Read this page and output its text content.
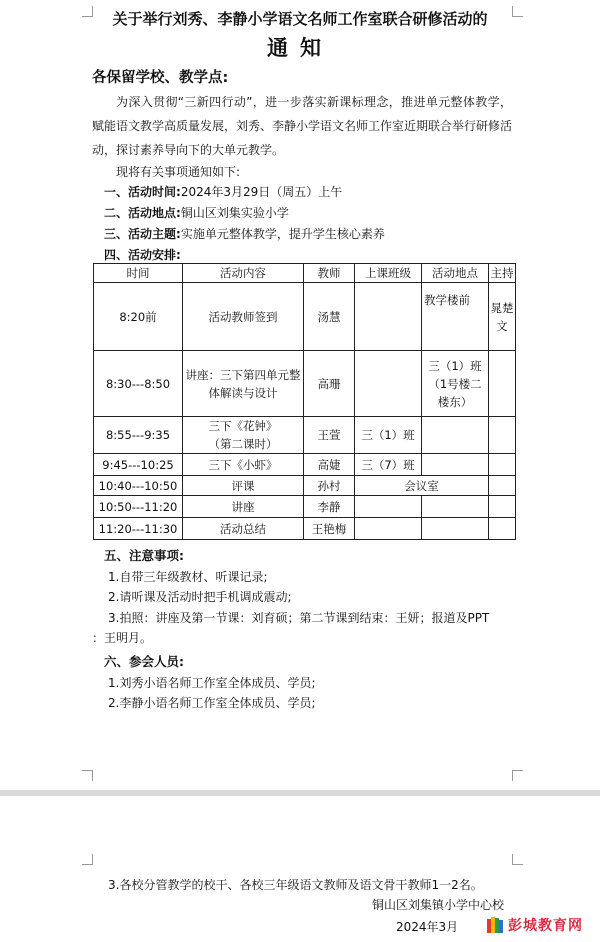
关于举行刘秀、李静小学语文名师工作室联合研修活动的
通知
各保留学校、教学点:
为深入贯彻“三新四行动”，进一步落实新课标理念，推进单元整体教学，赋能语文教学高质量发展，刘秀、李静小学语文名师工作室近期联合举行研修活动，探讨素养导向下的大单元教学。
现将有关事项通知如下:
一、活动时间:2024年3月29日（周五）上午
二、活动地点:铜山区刘集实验小学
三、活动主题:实施单元整体教学，提升学生核心素养
四、活动安排:
时间	活动内容	教师	上课班级	活动地点	主持
8:20前	活动教师签到	汤慧		教学楼前	晁楚文
8:30---8:50	讲座：三下第四单元整体解读与设计	高珊		三（1）班（1号楼二楼东）	
8:55---9:35	三下《花钟》（第二课时）	王萱	三（1）班		
9:45---10:25	三下《小虾》	高婕	三（7）班		
10:40---10:50	评课	孙村	会议室		
10:50---11:20	讲座	李静			
11:20---11:30	活动总结	王艳梅			
五、注意事项:
1.自带三年级教材、听课记录;
2.请听课及活动时把手机调成震动;
3.拍照：讲座及第一节课：刘育硕；第二节课到结束：王妍；报道及PPT
：王明月。
六、参会人员:
1.刘秀小语名师工作室全体成员、学员;
2.李静小语名师工作室全体成员、学员;
3.各校分管教学的校干、各校三年级语文教师及语文骨干教师1一2名。
铜山区刘集镇小学中心校
2024年3月	彭城教育网
